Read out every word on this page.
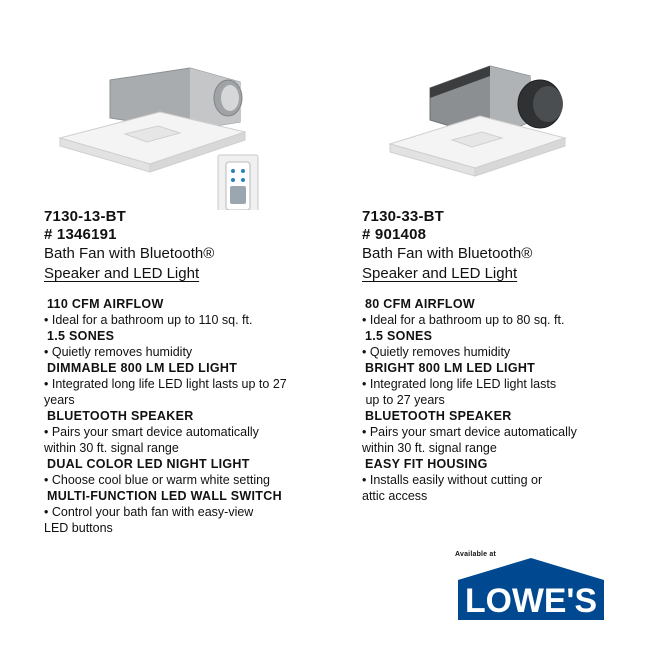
7130-13-BT
# 1346191
Bath Fan with Bluetooth®
Speaker and LED Light
110 CFM AIRFLOW
• Ideal for a bathroom up to 110 sq. ft.
1.5 SONES
• Quietly removes humidity
DIMMABLE 800 LM LED LIGHT
• Integrated long life LED light lasts up to 27
years
BLUETOOTH SPEAKER
• Pairs your smart device automatically
within 30 ft. signal range
DUAL COLOR LED NIGHT LIGHT
• Choose cool blue or warm white setting
MULTI-FUNCTION LED WALL SWITCH
• Control your bath fan with easy-view
LED buttons
7130-33-BT
# 901408
Bath Fan with Bluetooth®
Speaker and LED Light
80 CFM AIRFLOW
• Ideal for a bathroom up to 80 sq. ft.
1.5 SONES
• Quietly removes humidity
BRIGHT 800 LM LED LIGHT
• Integrated long life LED light lasts
up to 27 years
BLUETOOTH SPEAKER
• Pairs your smart device automatically
within 30 ft. signal range
EASY FIT HOUSING
• Installs easily without cutting or
attic access
Available at
LOWE'S
